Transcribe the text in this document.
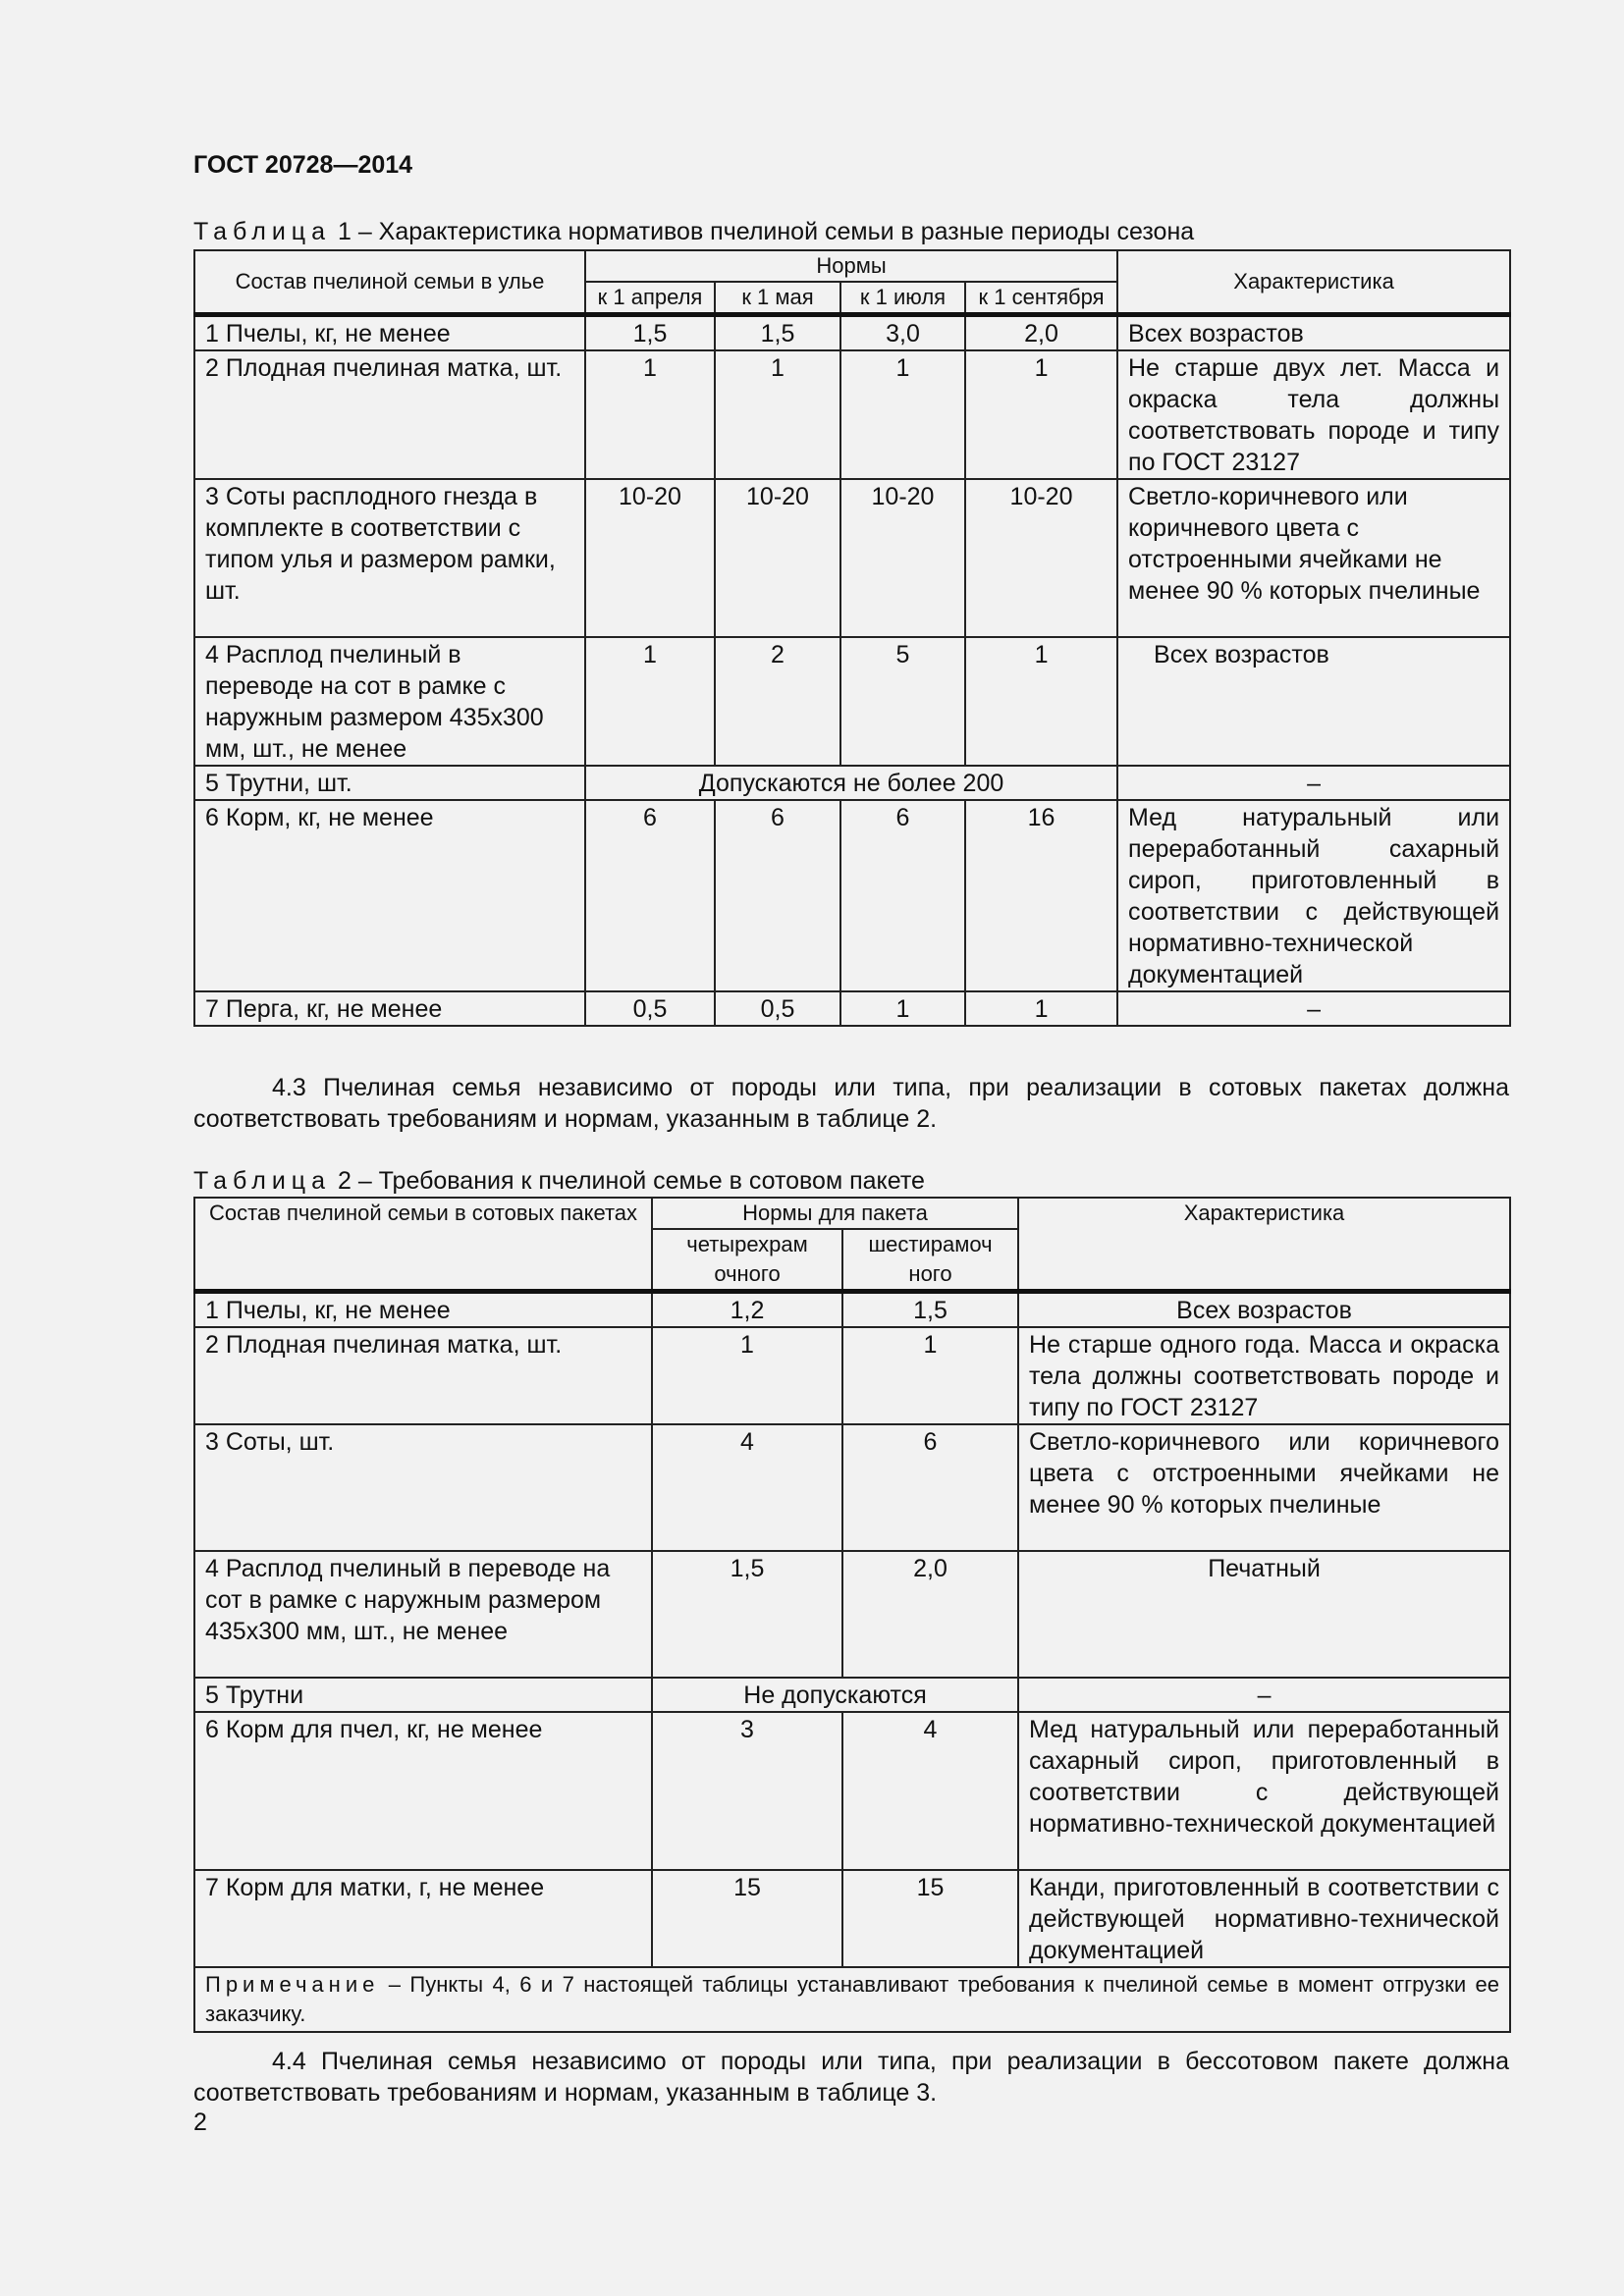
ГОСТ 20728—2014
Таблица 1 – Характеристика нормативов пчелиной семьи в разные периоды сезона
Состав пчелиной семьи в улье	Нормы				Характеристика
	к 1 апреля	к 1 мая	к 1 июля	к 1 сентября	
1 Пчелы, кг, не менее	1,5	1,5	3,0	2,0	Всех возрастов
2 Плодная пчелиная матка, шт.	1	1	1	1	Не старше двух лет. Масса и окраска тела должны соответствовать породе и типу по ГОСТ 23127
3 Соты расплодного гнезда в комплекте в соответствии с типом улья и размером рамки, шт.	10-20	10-20	10-20	10-20	Светло-коричневого или коричневого цвета с отстроенными ячейками не менее 90 % которых пчелиные
4 Расплод пчелиный в переводе на сот в рамке с наружным размером 435х300 мм, шт., не менее	1	2	5	1	Всех возрастов
5 Трутни, шт.	Допускаются не более 200				–
6 Корм, кг, не менее	6	6	6	16	Мед натуральный или переработанный сахарный сироп, приготовленный в соответствии с действующей нормативно-технической документацией
7 Перга, кг, не менее	0,5	0,5	1	1	–
4.3 Пчелиная семья независимо от породы или типа, при реализации в сотовых пакетах должна соответствовать требованиям и нормам, указанным в таблице 2.
Таблица 2 – Требования к пчелиной семье в сотовом пакете
Состав пчелиной семьи в сотовых пакетах	Нормы для пакета		Характеристика
	четырехрамочного	шестирамочного	
1 Пчелы, кг, не менее	1,2	1,5	Всех возрастов
2 Плодная пчелиная матка, шт.	1	1	Не старше одного года. Масса и окраска тела должны соответствовать породе и типу по ГОСТ 23127
3 Соты, шт.	4	6	Светло-коричневого или коричневого цвета с отстроенными ячейками не менее 90 % которых пчелиные
4 Расплод пчелиный в переводе на сот в рамке с наружным размером 435х300 мм, шт., не менее	1,5	2,0	Печатный
5 Трутни	Не допускаются		–
6 Корм для пчел, кг, не менее	3	4	Мед натуральный или переработанный сахарный сироп, приготовленный в соответствии с действующей нормативно-технической документацией
7 Корм для матки, г, не менее	15	15	Канди, приготовленный в соответствии с действующей нормативно-технической документацией
Примечание – Пункты 4, 6 и 7 настоящей таблицы устанавливают требования к пчелиной семье в момент отгрузки ее заказчику.			
4.4 Пчелиная семья независимо от породы или типа, при реализации в бессотовом пакете должна соответствовать требованиям и нормам, указанным в таблице 3.
2
